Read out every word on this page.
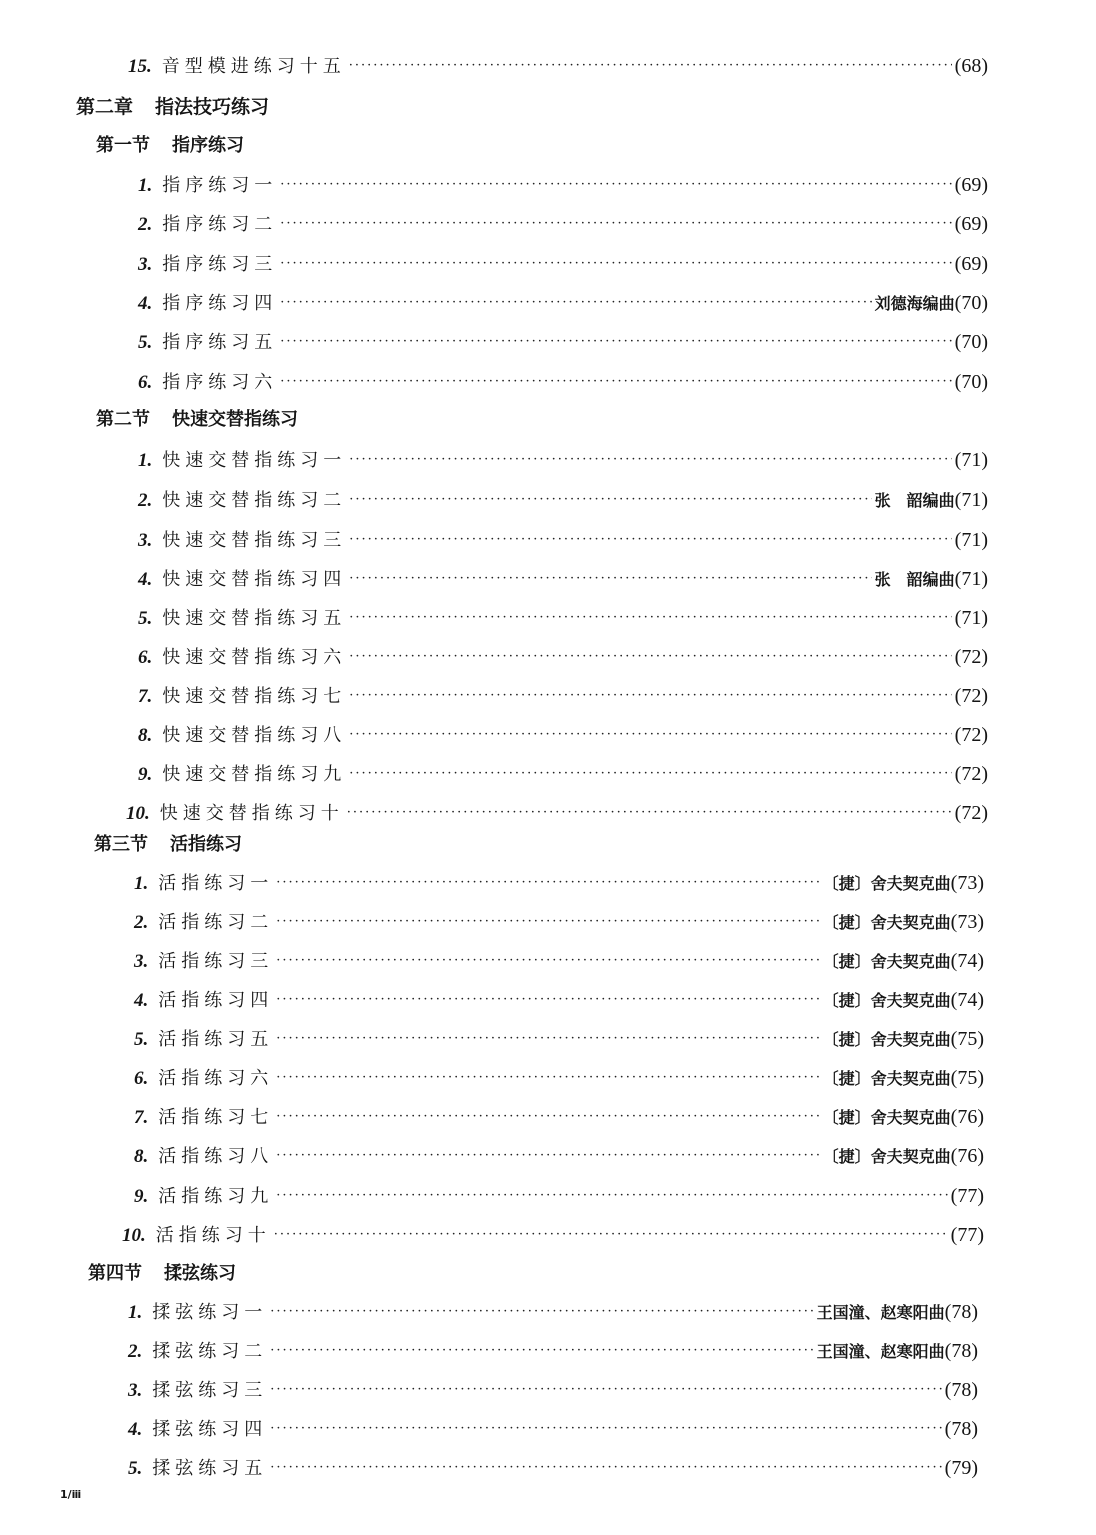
15. 音型模进练习十五 ·····	(68)
第二章 指法技巧练习
第一节 指序练习
1. 指序练习一 ·····	(69)
2. 指序练习二 ·····	(69)
3. 指序练习三 ·····	(69)
4. 指序练习四 ·····	刘德海编曲 (70)
5. 指序练习五 ·····	(70)
6. 指序练习六 ·····	(70)
第二节 快速交替指练习
1. 快速交替指练习一 ·····	(71)
2. 快速交替指练习二 ·····	张　韶编曲 (71)
3. 快速交替指练习三 ·····	(71)
4. 快速交替指练习四 ·····	张　韶编曲 (71)
5. 快速交替指练习五 ·····	(71)
6. 快速交替指练习六 ·····	(72)
7. 快速交替指练习七 ·····	(72)
8. 快速交替指练习八 ·····	(72)
9. 快速交替指练习九 ·····	(72)
10. 快速交替指练习十 ·····	(72)
第三节 活指练习
1. 活指练习一 ·····	〔捷〕舍夫契克曲 (73)
2. 活指练习二 ·····	〔捷〕舍夫契克曲 (73)
3. 活指练习三 ·····	〔捷〕舍夫契克曲 (74)
4. 活指练习四 ·····	〔捷〕舍夫契克曲 (74)
5. 活指练习五 ·····	〔捷〕舍夫契克曲 (75)
6. 活指练习六 ·····	〔捷〕舍夫契克曲 (75)
7. 活指练习七 ·····	〔捷〕舍夫契克曲 (76)
8. 活指练习八 ·····	〔捷〕舍夫契克曲 (76)
9. 活指练习九 ·····	(77)
10. 活指练习十 ·····	(77)
第四节 揉弦练习
1. 揉弦练习一 ·····	王国潼、赵寒阳曲 (78)
2. 揉弦练习二 ·····	王国潼、赵寒阳曲 (78)
3. 揉弦练习三 ·····	(78)
4. 揉弦练习四 ·····	(78)
5. 揉弦练习五 ·····	(79)
1/ⅲ
